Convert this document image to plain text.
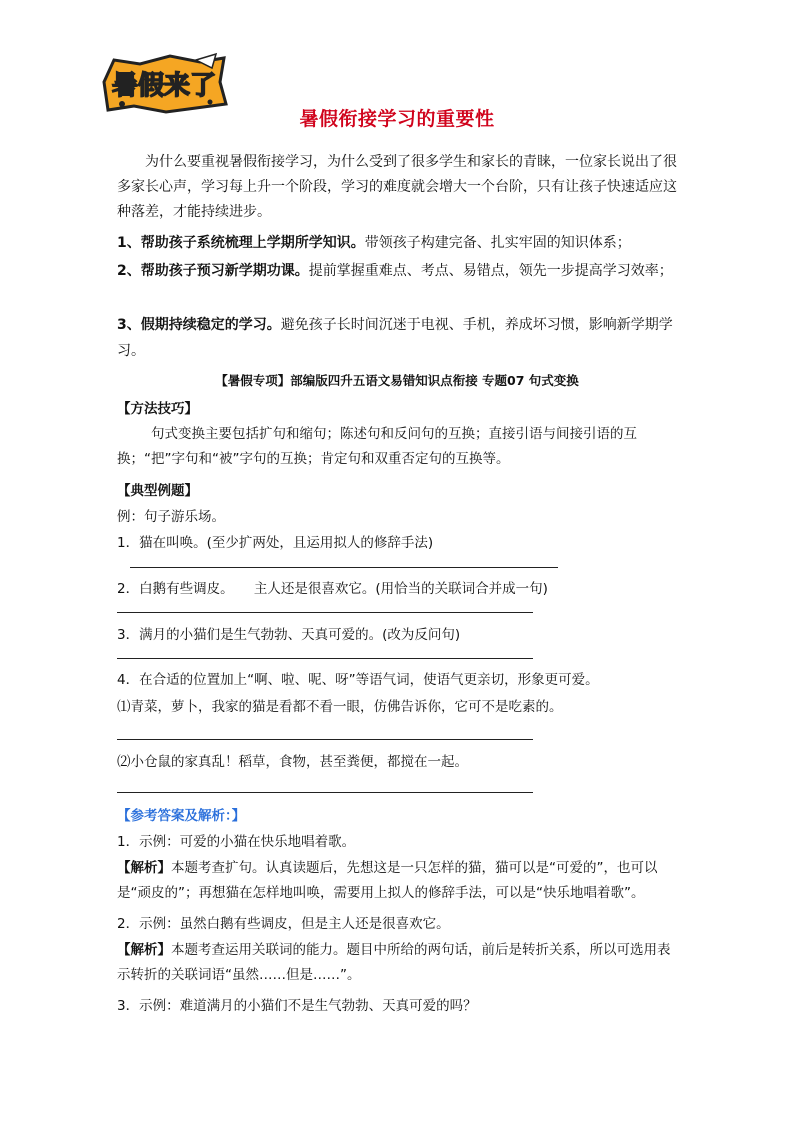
暑假来了
暑假衔接学习的重要性
为什么要重视暑假衔接学习，为什么受到了很多学生和家长的青睐，一位家长说出了很多家长心声，学习每上升一个阶段，学习的难度就会增大一个台阶，只有让孩子快速适应这种落差，才能持续进步。
1、帮助孩子系统梳理上学期所学知识。带领孩子构建完备、扎实牢固的知识体系；
2、帮助孩子预习新学期功课。提前掌握重难点、考点、易错点，领先一步提高学习效率；
3、假期持续稳定的学习。避免孩子长时间沉迷于电视、手机，养成坏习惯，影响新学期学习。
【暑假专项】部编版四升五语文易错知识点衔接 专题07 句式变换
【方法技巧】
句式变换主要包括扩句和缩句；陈述句和反问句的互换；直接引语与间接引语的互换；“把”字句和“被”字句的互换；肯定句和双重否定句的互换等。
【典型例题】
例：句子游乐场。
1．猫在叫唤。(至少扩两处，且运用拟人的修辞手法)
2．白鹅有些调皮。　　主人还是很喜欢它。(用恰当的关联词合并成一句)
3．满月的小猫们是生气勃勃、天真可爱的。(改为反问句)
4．在合适的位置加上“啊、啦、呢、呀”等语气词，使语气更亲切，形象更可爱。
⑴青菜，萝卜，我家的猫是看都不看一眼，仿佛告诉你，它可不是吃素的。
⑵小仓鼠的家真乱！稻草，食物，甚至粪便，都搅在一起。
【参考答案及解析：】
1．示例：可爱的小猫在快乐地唱着歌。
【解析】本题考查扩句。认真读题后，先想这是一只怎样的猫，猫可以是“可爱的”，也可以是“顽皮的”；再想猫在怎样地叫唤，需要用上拟人的修辞手法，可以是“快乐地唱着歌”。
2．示例：虽然白鹅有些调皮，但是主人还是很喜欢它。
【解析】本题考查运用关联词的能力。题目中所给的两句话，前后是转折关系，所以可选用表示转折的关联词语“虽然……但是……”。
3．示例：难道满月的小猫们不是生气勃勃、天真可爱的吗？
